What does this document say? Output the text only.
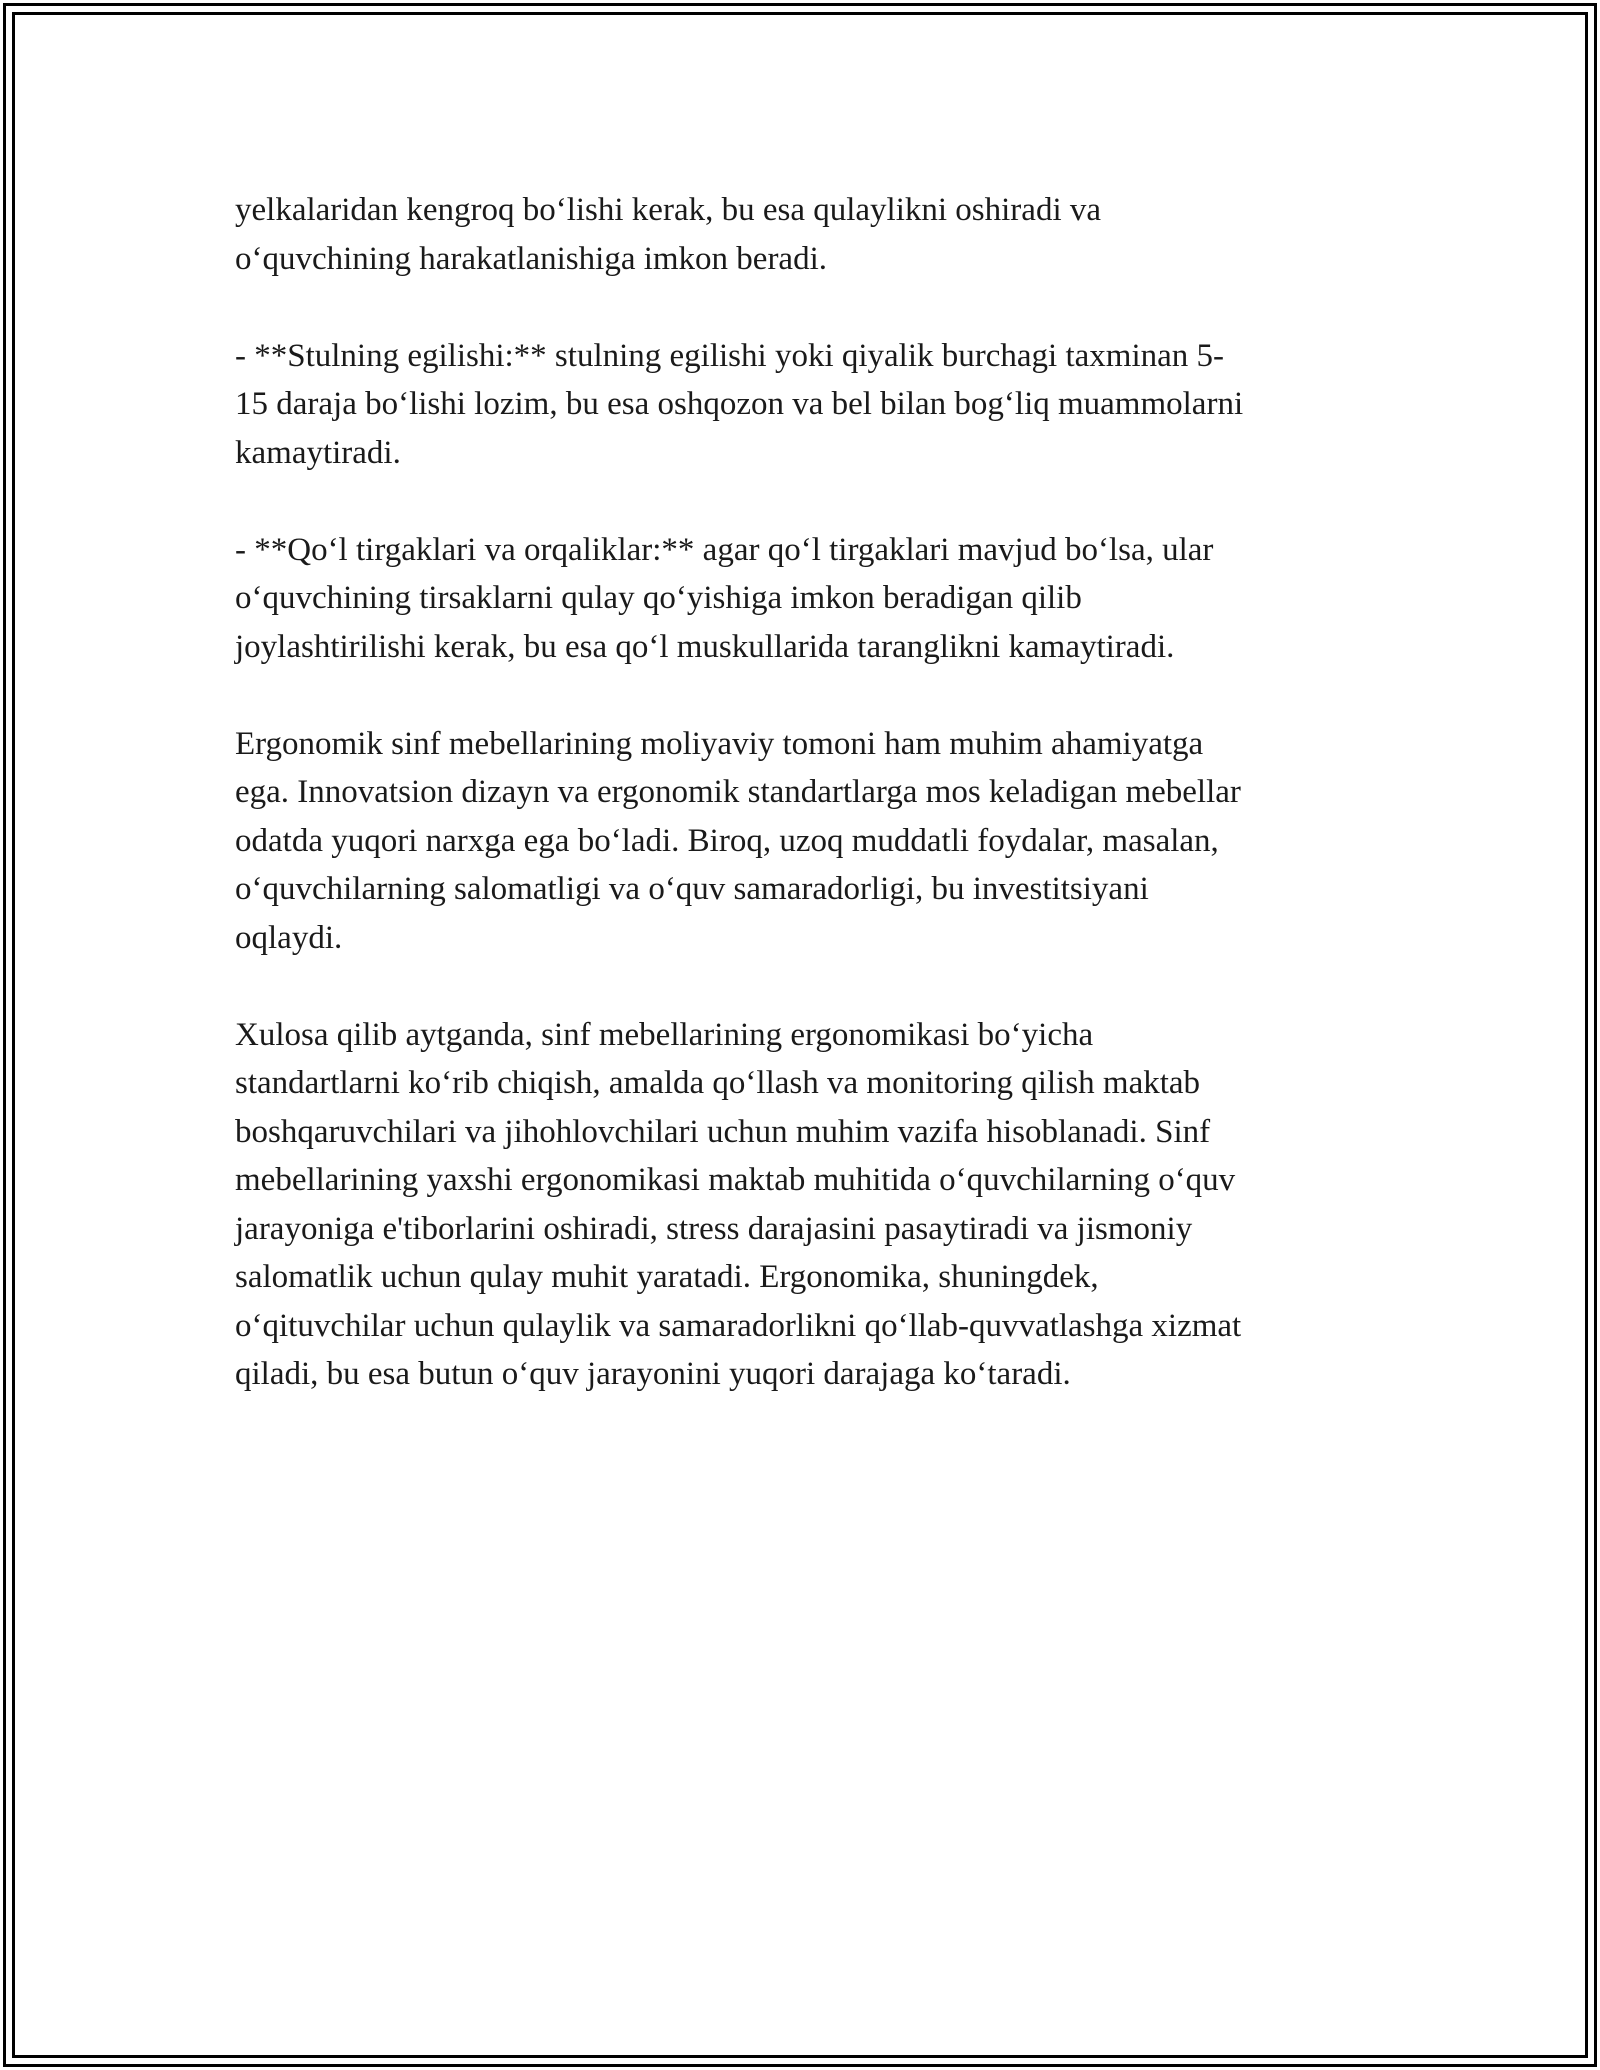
yelkalaridan kengroq bo‘lishi kerak, bu esa qulaylikni oshiradi va
o‘quvchining harakatlanishiga imkon beradi.

- **Stulning egilishi:** stulning egilishi yoki qiyalik burchagi taxminan 5-
15 daraja bo‘lishi lozim, bu esa oshqozon va bel bilan bog‘liq muammolarni
kamaytiradi.

- **Qo‘l tirgaklari va orqaliklar:** agar qo‘l tirgaklari mavjud bo‘lsa, ular
o‘quvchining tirsaklarni qulay qo‘yishiga imkon beradigan qilib
joylashtirilishi kerak, bu esa qo‘l muskullarida taranglikni kamaytiradi.

Ergonomik sinf mebellarining moliyaviy tomoni ham muhim ahamiyatga
ega. Innovatsion dizayn va ergonomik standartlarga mos keladigan mebellar
odatda yuqori narxga ega bo‘ladi. Biroq, uzoq muddatli foydalar, masalan,
o‘quvchilarning salomatligi va o‘quv samaradorligi, bu investitsiyani
oqlaydi.

Xulosa qilib aytganda, sinf mebellarining ergonomikasi bo‘yicha
standartlarni ko‘rib chiqish, amalda qo‘llash va monitoring qilish maktab
boshqaruvchilari va jihohlovchilari uchun muhim vazifa hisoblanadi. Sinf
mebellarining yaxshi ergonomikasi maktab muhitida o‘quvchilarning o‘quv
jarayoniga e'tiborlarini oshiradi, stress darajasini pasaytiradi va jismoniy
salomatlik uchun qulay muhit yaratadi. Ergonomika, shuningdek,
o‘qituvchilar uchun qulaylik va samaradorlikni qo‘llab-quvvatlashga xizmat
qiladi, bu esa butun o‘quv jarayonini yuqori darajaga ko‘taradi.
